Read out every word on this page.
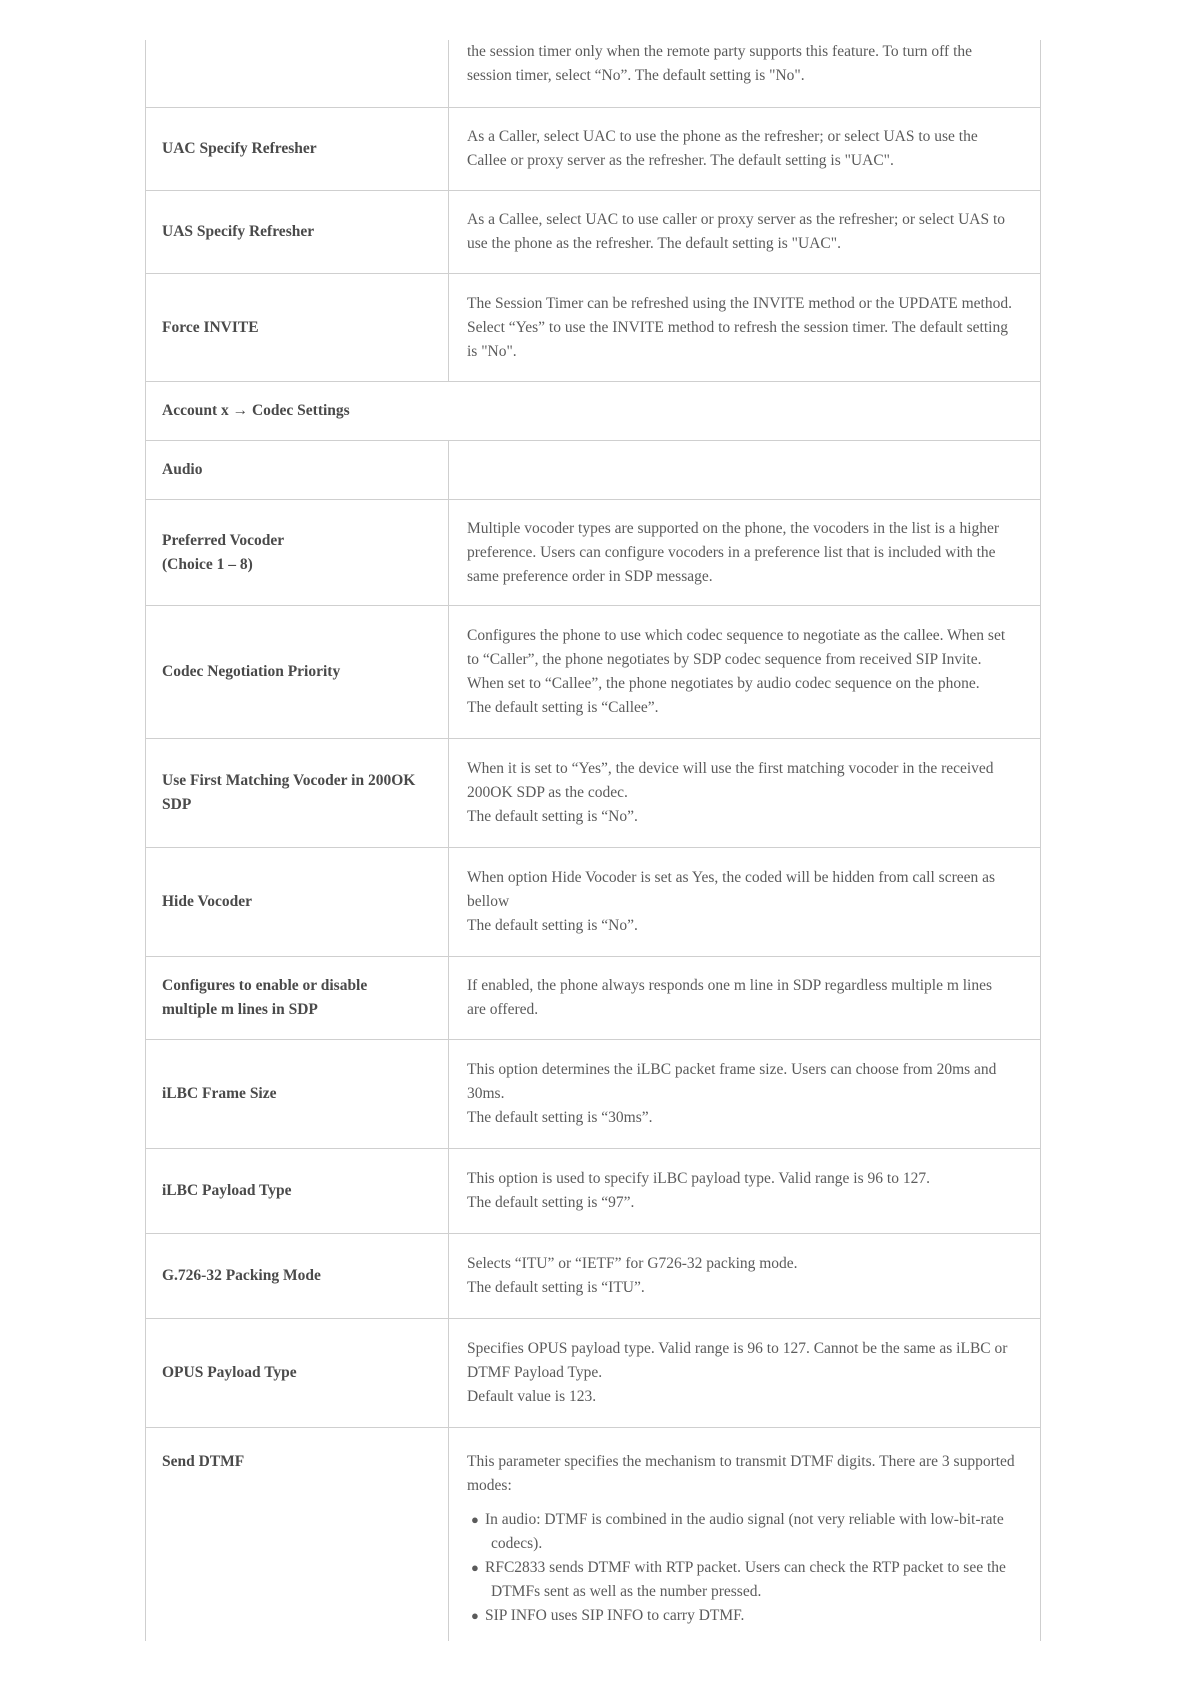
the session timer only when the remote party supports this feature. To turn off the
session timer, select “No”. The default setting is "No".
UAC Specify Refresher
As a Caller, select UAC to use the phone as the refresher; or select UAS to use the
Callee or proxy server as the refresher. The default setting is "UAC".
UAS Specify Refresher
As a Callee, select UAC to use caller or proxy server as the refresher; or select UAS to
use the phone as the refresher. The default setting is "UAC".
Force INVITE
The Session Timer can be refreshed using the INVITE method or the UPDATE method.
Select “Yes” to use the INVITE method to refresh the session timer. The default setting
is "No".
Account x → Codec Settings
Audio
Preferred Vocoder
(Choice 1 – 8)
Multiple vocoder types are supported on the phone, the vocoders in the list is a higher
preference. Users can configure vocoders in a preference list that is included with the
same preference order in SDP message.
Codec Negotiation Priority
Configures the phone to use which codec sequence to negotiate as the callee. When set
to “Caller”, the phone negotiates by SDP codec sequence from received SIP Invite.
When set to “Callee”, the phone negotiates by audio codec sequence on the phone.
The default setting is “Callee”.
Use First Matching Vocoder in 200OK
SDP
When it is set to “Yes”, the device will use the first matching vocoder in the received
200OK SDP as the codec.
The default setting is “No”.
Hide Vocoder
When option Hide Vocoder is set as Yes, the coded will be hidden from call screen as
bellow
The default setting is “No”.
Configures to enable or disable
multiple m lines in SDP
If enabled, the phone always responds one m line in SDP regardless multiple m lines
are offered.
iLBC Frame Size
This option determines the iLBC packet frame size. Users can choose from 20ms and
30ms.
The default setting is “30ms”.
iLBC Payload Type
This option is used to specify iLBC payload type. Valid range is 96 to 127.
The default setting is “97”.
G.726-32 Packing Mode
Selects “ITU” or “IETF” for G726-32 packing mode.
The default setting is “ITU”.
OPUS Payload Type
Specifies OPUS payload type. Valid range is 96 to 127. Cannot be the same as iLBC or
DTMF Payload Type.
Default value is 123.
Send DTMF	This parameter specifies the mechanism to transmit DTMF digits. There are 3 supported
modes:
● In audio: DTMF is combined in the audio signal (not very reliable with low-bit-rate
codecs).
● RFC2833 sends DTMF with RTP packet. Users can check the RTP packet to see the
DTMFs sent as well as the number pressed.
● SIP INFO uses SIP INFO to carry DTMF.
